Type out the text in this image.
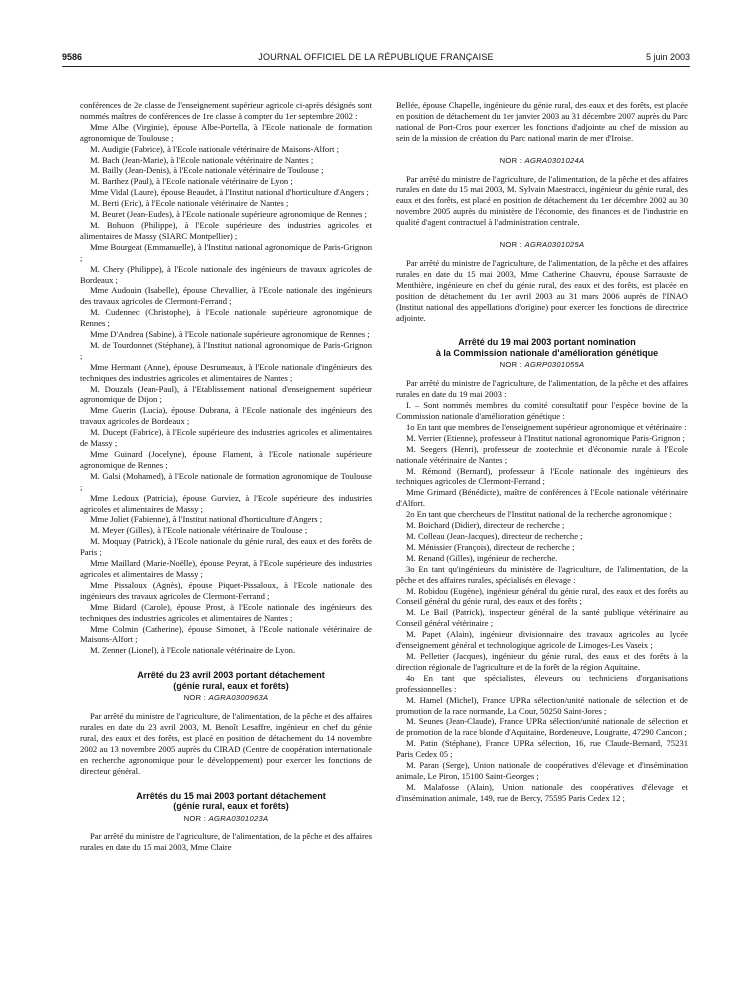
9586	JOURNAL OFFICIEL DE LA RÉPUBLIQUE FRANÇAISE	5 juin 2003

conférences de 2e classe de l'enseignement supérieur agricole ci-après désignés sont nommés maîtres de conférences de 1re classe à compter du 1er septembre 2002 :

Mme Albe (Virginie), épouse Albe-Portella, à l'Ecole nationale de formation agronomique de Toulouse ;

M. Audigie (Fabrice), à l'Ecole nationale vétérinaire de Maisons-Alfort ;

M. Bach (Jean-Marie), à l'Ecole nationale vétérinaire de Nantes ;

M. Bailly (Jean-Denis), à l'Ecole nationale vétérinaire de Toulouse ;

M. Barthez (Paul), à l'Ecole nationale vétérinaire de Lyon ;

Mme Vidal (Laure), épouse Beaudet, à l'Institut national d'horticulture d'Angers ;

M. Berti (Eric), à l'Ecole nationale vétérinaire de Nantes ;

M. Beuret (Jean-Eudes), à l'Ecole nationale supérieure agronomique de Rennes ;

M. Bohuon (Philippe), à l'Ecole supérieure des industries agricoles et alimentaires de Massy (SIARC Montpellier) ;

Mme Bourgeat (Emmanuelle), à l'Institut national agronomique de Paris-Grignon ;

M. Chery (Philippe), à l'Ecole nationale des ingénieurs de travaux agricoles de Bordeaux ;

Mme Audouin (Isabelle), épouse Chevallier, à l'Ecole nationale des ingénieurs des travaux agricoles de Clermont-Ferrand ;

M. Cudennec (Christophe), à l'Ecole nationale supérieure agronomique de Rennes ;

Mme D'Andrea (Sabine), à l'Ecole nationale supérieure agronomique de Rennes ;

M. de Tourdonnet (Stéphane), à l'Institut national agronomique de Paris-Grignon ;

Mme Hermant (Anne), épouse Desrumeaux, à l'Ecole nationale d'ingénieurs des techniques des industries agricoles et alimentaires de Nantes ;

M. Douzals (Jean-Paul), à l'Etablissement national d'enseignement supérieur agronomique de Dijon ;

Mme Guerin (Lucia), épouse Dubrana, à l'Ecole nationale des ingénieurs des travaux agricoles de Bordeaux ;

M. Ducept (Fabrice), à l'Ecole supérieure des industries agricoles et alimentaires de Massy ;

Mme Guinard (Jocelyne), épouse Flament, à l'Ecole nationale supérieure agronomique de Rennes ;

M. Galsi (Mohamed), à l'Ecole nationale de formation agronomique de Toulouse ;

Mme Ledoux (Patricia), épouse Gurviez, à l'Ecole supérieure des industries agricoles et alimentaires de Massy ;

Mme Joliet (Fabienne), à l'Institut national d'horticulture d'Angers ;

M. Meyer (Gilles), à l'Ecole nationale vétérinaire de Toulouse ;

M. Moquay (Patrick), à l'Ecole nationale du génie rural, des eaux et des forêts de Paris ;

Mme Maillard (Marie-Noëlle), épouse Peyrat, à l'Ecole supérieure des industries agricoles et alimentaires de Massy ;

Mme Pissaloux (Agnès), épouse Piquet-Pissaloux, à l'Ecole nationale des ingénieurs des travaux agricoles de Clermont-Ferrand ;

Mme Bidard (Carole), épouse Prost, à l'Ecole nationale des ingénieurs des techniques des industries agricoles et alimentaires de Nantes ;

Mme Colmin (Catherine), épouse Simonet, à l'Ecole nationale vétérinaire de Maisons-Alfort ;

M. Zenner (Lionel), à l'Ecole nationale vétérinaire de Lyon.

Arrêté du 23 avril 2003 portant détachement

(génie rural, eaux et forêts)

NOR : AGRA0300963A

Par arrêté du ministre de l'agriculture, de l'alimentation, de la pêche et des affaires rurales en date du 23 avril 2003, M. Benoît Lesaffre, ingénieur en chef du génie rural, des eaux et des forêts, est placé en position de détachement du 14 novembre 2002 au 13 novembre 2005 auprès du CIRAD (Centre de coopération internationale en recherche agronomique pour le développement) pour exercer les fonctions de directeur général.

Arrêtés du 15 mai 2003 portant détachement

(génie rural, eaux et forêts)

NOR : AGRA0301023A

Par arrêté du ministre de l'agriculture, de l'alimentation, de la pêche et des affaires rurales en date du 15 mai 2003, Mme Claire

Bellée, épouse Chapelle, ingénieure du génie rural, des eaux et des forêts, est placée en position de détachement du 1er janvier 2003 au 31 décembre 2007 auprès du Parc national de Port-Cros pour exercer les fonctions d'adjointe au chef de mission au sein de la mission de création du Parc national marin de mer d'Iroise.

NOR : AGRA0301024A

Par arrêté du ministre de l'agriculture, de l'alimentation, de la pêche et des affaires rurales en date du 15 mai 2003, M. Sylvain Maestracci, ingénieur du génie rural, des eaux et des forêts, est placé en position de détachement du 1er décembre 2002 au 30 novembre 2005 auprès du ministère de l'économie, des finances et de l'industrie en qualité d'agent contractuel à l'administration centrale.

NOR : AGRA0301025A

Par arrêté du ministre de l'agriculture, de l'alimentation, de la pêche et des affaires rurales en date du 15 mai 2003, Mme Catherine Chauvru, épouse Sarrauste de Menthière, ingénieure en chef du génie rural, des eaux et des forêts, est placée en position de détachement du 1er avril 2003 au 31 mars 2006 auprès de l'INAO (Institut national des appellations d'origine) pour exercer les fonctions de directrice adjointe.

Arrêté du 19 mai 2003 portant nomination

à la Commission nationale d'amélioration génétique

NOR : AGRP0301055A

Par arrêté du ministre de l'agriculture, de l'alimentation, de la pêche et des affaires rurales en date du 19 mai 2003 :

I. – Sont nommés membres du comité consultatif pour l'espèce bovine de la Commission nationale d'amélioration génétique :

1o En tant que membres de l'enseignement supérieur agronomique et vétérinaire :

M. Verrier (Etienne), professeur à l'Institut national agronomique Paris-Grignon ;

M. Seegers (Henri), professeur de zootechnie et d'économie rurale à l'Ecole nationale vétérinaire de Nantes ;

M. Rémond (Bernard), professeur à l'Ecole nationale des ingénieurs des techniques agricoles de Clermont-Ferrand ;

Mme Grimard (Bénédicte), maître de conférences à l'Ecole nationale vétérinaire d'Alfort.

2o En tant que chercheurs de l'Institut national de la recherche agronomique :

M. Boichard (Didier), directeur de recherche ;

M. Colleau (Jean-Jacques), directeur de recherche ;

M. Ménissier (François), directeur de recherche ;

M. Renand (Gilles), ingénieur de recherche.

3o En tant qu'ingénieurs du ministère de l'agriculture, de l'alimentation, de la pêche et des affaires rurales, spécialisés en élevage :

M. Robidou (Eugène), ingénieur général du génie rural, des eaux et des forêts au Conseil général du génie rural, des eaux et des forêts ;

M. Le Bail (Patrick), inspecteur général de la santé publique vétérinaire au Conseil général vétérinaire ;

M. Papet (Alain), ingénieur divisionnaire des travaux agricoles au lycée d'enseignement général et technologique agricole de Limoges-Les Vaseix ;

M. Pelletier (Jacques), ingénieur du génie rural, des eaux et des forêts à la direction régionale de l'agriculture et de la forêt de la région Aquitaine.

4o En tant que spécialistes, éleveurs ou techniciens d'organisations professionnelles :

M. Hamel (Michel), France UPRa sélection/unité nationale de sélection et de promotion de la race normande, La Cour, 50250 Saint-Jores ;

M. Seunes (Jean-Claude), France UPRa sélection/unité nationale de sélection et de promotion de la race blonde d'Aquitaine, Bordeneuve, Lougratte, 47290 Cancon ;

M. Patin (Stéphane), France UPRa sélection, 16, rue Claude-Bernard, 75231 Paris Cedex 05 ;

M. Paran (Serge), Union nationale de coopératives d'élevage et d'insémination animale, Le Piron, 15100 Saint-Georges ;

M. Malafosse (Alain), Union nationale des coopératives d'élevage et d'insémination animale, 149, rue de Bercy, 75595 Paris Cedex 12 ;
